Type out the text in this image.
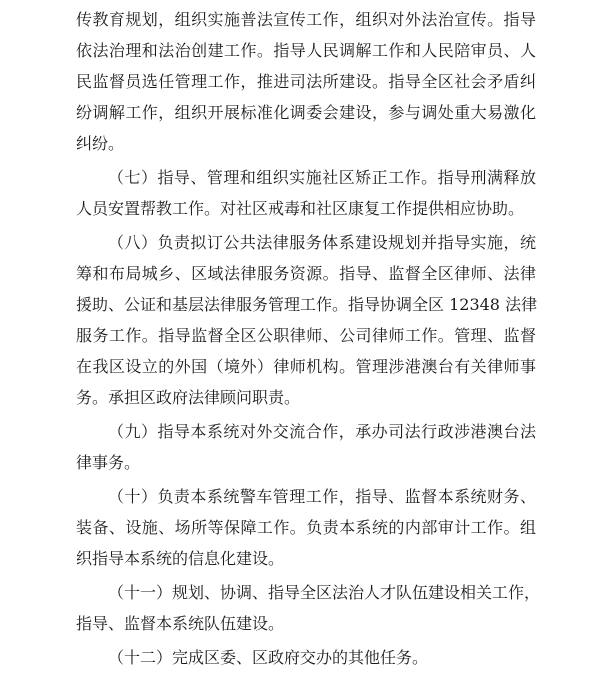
传教育规划，组织实施普法宣传工作，组织对外法治宣传。指导
依法治理和法治创建工作。指导人民调解工作和人民陪审员、人
民监督员选任管理工作，推进司法所建设。指导全区社会矛盾纠
纷调解工作，组织开展标准化调委会建设，参与调处重大易激化
纠纷。
（七）指导、管理和组织实施社区矫正工作。指导刑满释放
人员安置帮教工作。对社区戒毒和社区康复工作提供相应协助。
（八）负责拟订公共法律服务体系建设规划并指导实施，统
筹和布局城乡、区域法律服务资源。指导、监督全区律师、法律
援助、公证和基层法律服务管理工作。指导协调全区 12348 法律
服务工作。指导监督全区公职律师、公司律师工作。管理、监督
在我区设立的外国（境外）律师机构。管理涉港澳台有关律师事
务。承担区政府法律顾问职责。
（九）指导本系统对外交流合作，承办司法行政涉港澳台法
律事务。
（十）负责本系统警车管理工作，指导、监督本系统财务、
装备、设施、场所等保障工作。负责本系统的内部审计工作。组
织指导本系统的信息化建设。
（十一）规划、协调、指导全区法治人才队伍建设相关工作，
指导、监督本系统队伍建设。
（十二）完成区委、区政府交办的其他任务。
